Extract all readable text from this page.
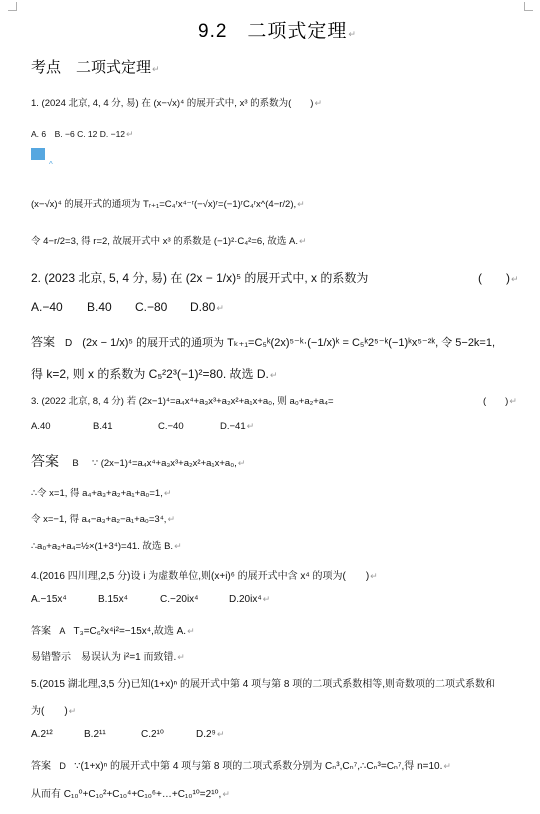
9.2　二项式定理↵
考点　二项式定理↵
1. (2024 北京, 4, 4 分, 易) 在 (x−√x)⁴ 的展开式中, x³ 的系数为(　　)↵
A. 6　B. −6 C. 12 D. −12↵
^
(x−√x)⁴ 的展开式的通项为 Tᵣ₊₁=C₄ʳx⁴⁻ʳ(−√x)ʳ=(−1)ʳC₄ʳx^(4−r/2),↵
令 4−r/2=3, 得 r=2, 故展开式中 x³ 的系数是 (−1)²·C₄²=6, 故选 A.↵
2. (2023 北京, 5, 4 分, 易) 在 (2x − 1/x)⁵ 的展开式中, x 的系数为	(　　)↵
A.−40 B.40 C.−80 D.80↵
答案 D (2x − 1/x)⁵ 的展开式的通项为 Tₖ₊₁=C₅ᵏ(2x)⁵⁻ᵏ·(−1/x)ᵏ = C₅ᵏ2⁵⁻ᵏ(−1)ᵏx⁵⁻²ᵏ, 令 5−2k=1,
得 k=2, 则 x 的系数为 C₅²2³(−1)²=80. 故选 D.↵
3. (2022 北京, 8, 4 分) 若 (2x−1)⁴=a₄x⁴+a₃x³+a₂x²+a₁x+a₀, 则 a₀+a₂+a₄=	(　　)↵
A.40	B.41	C.−40	D.−41↵
答案 B ∵ (2x−1)⁴=a₄x⁴+a₃x³+a₂x²+a₁x+a₀,↵
∴令 x=1, 得 a₄+a₃+a₂+a₁+a₀=1,↵
令 x=−1, 得 a₄−a₃+a₂−a₁+a₀=3⁴,↵
∴a₀+a₂+a₄=½×(1+3⁴)=41. 故选 B.↵
4.(2016 四川理,2,5 分)设 i 为虚数单位,则(x+i)⁶ 的展开式中含 x⁴ 的项为(　　)↵
A.−15x⁴	B.15x⁴	C.−20ix⁴	D.20ix⁴↵
答案 A T₃=C₆²x⁴i²=−15x⁴,故选 A.↵
易错警示　易误认为 i²=1 而致错.↵
5.(2015 湖北理,3,5 分)已知(1+x)ⁿ 的展开式中第 4 项与第 8 项的二项式系数相等,则奇数项的二项式系数和
为(　　)↵
A.2¹²	B.2¹¹	C.2¹⁰	D.2⁹↵
答案 D ∵(1+x)ⁿ 的展开式中第 4 项与第 8 项的二项式系数分别为 Cₙ³,Cₙ⁷,∴Cₙ³=Cₙ⁷,得 n=10.↵
从而有 C₁₀⁰+C₁₀²+C₁₀⁴+C₁₀⁶+…+C₁₀¹⁰=2¹⁰,↵
